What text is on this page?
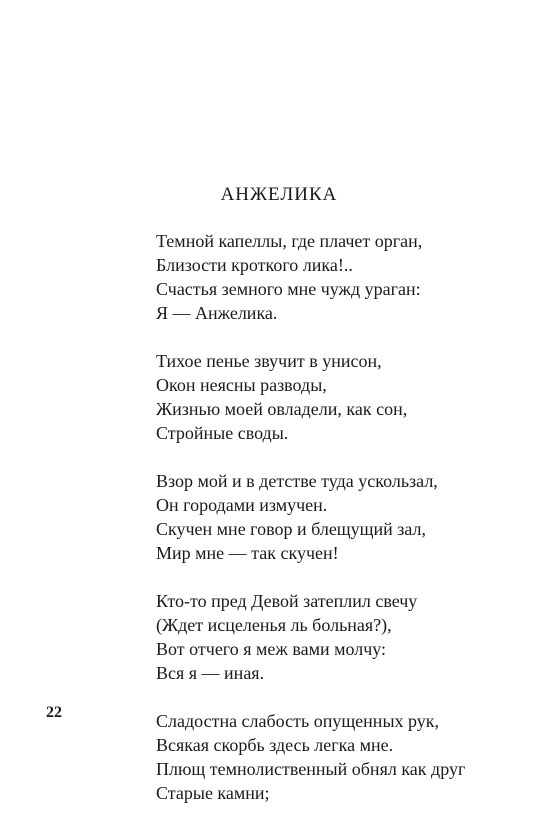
АНЖЕЛИКА
Темной капеллы, где плачет орган,
Близости кроткого лика!..
Счастья земного мне чужд ураган:
Я — Анжелика.
Тихое пенье звучит в унисон,
Окон неясны разводы,
Жизнью моей овладели, как сон,
Стройные своды.
Взор мой и в детстве туда ускользал,
Он городами измучен.
Скучен мне говор и блещущий зал,
Мир мне — так скучен!
Кто-то пред Девой затеплил свечу
(Ждет исцеленья ль больная?),
Вот отчего я меж вами молчу:
Вся я — иная.
Сладостна слабость опущенных рук,
Всякая скорбь здесь легка мне.
Плющ темнолиственный обнял как друг
Старые камни;
22
